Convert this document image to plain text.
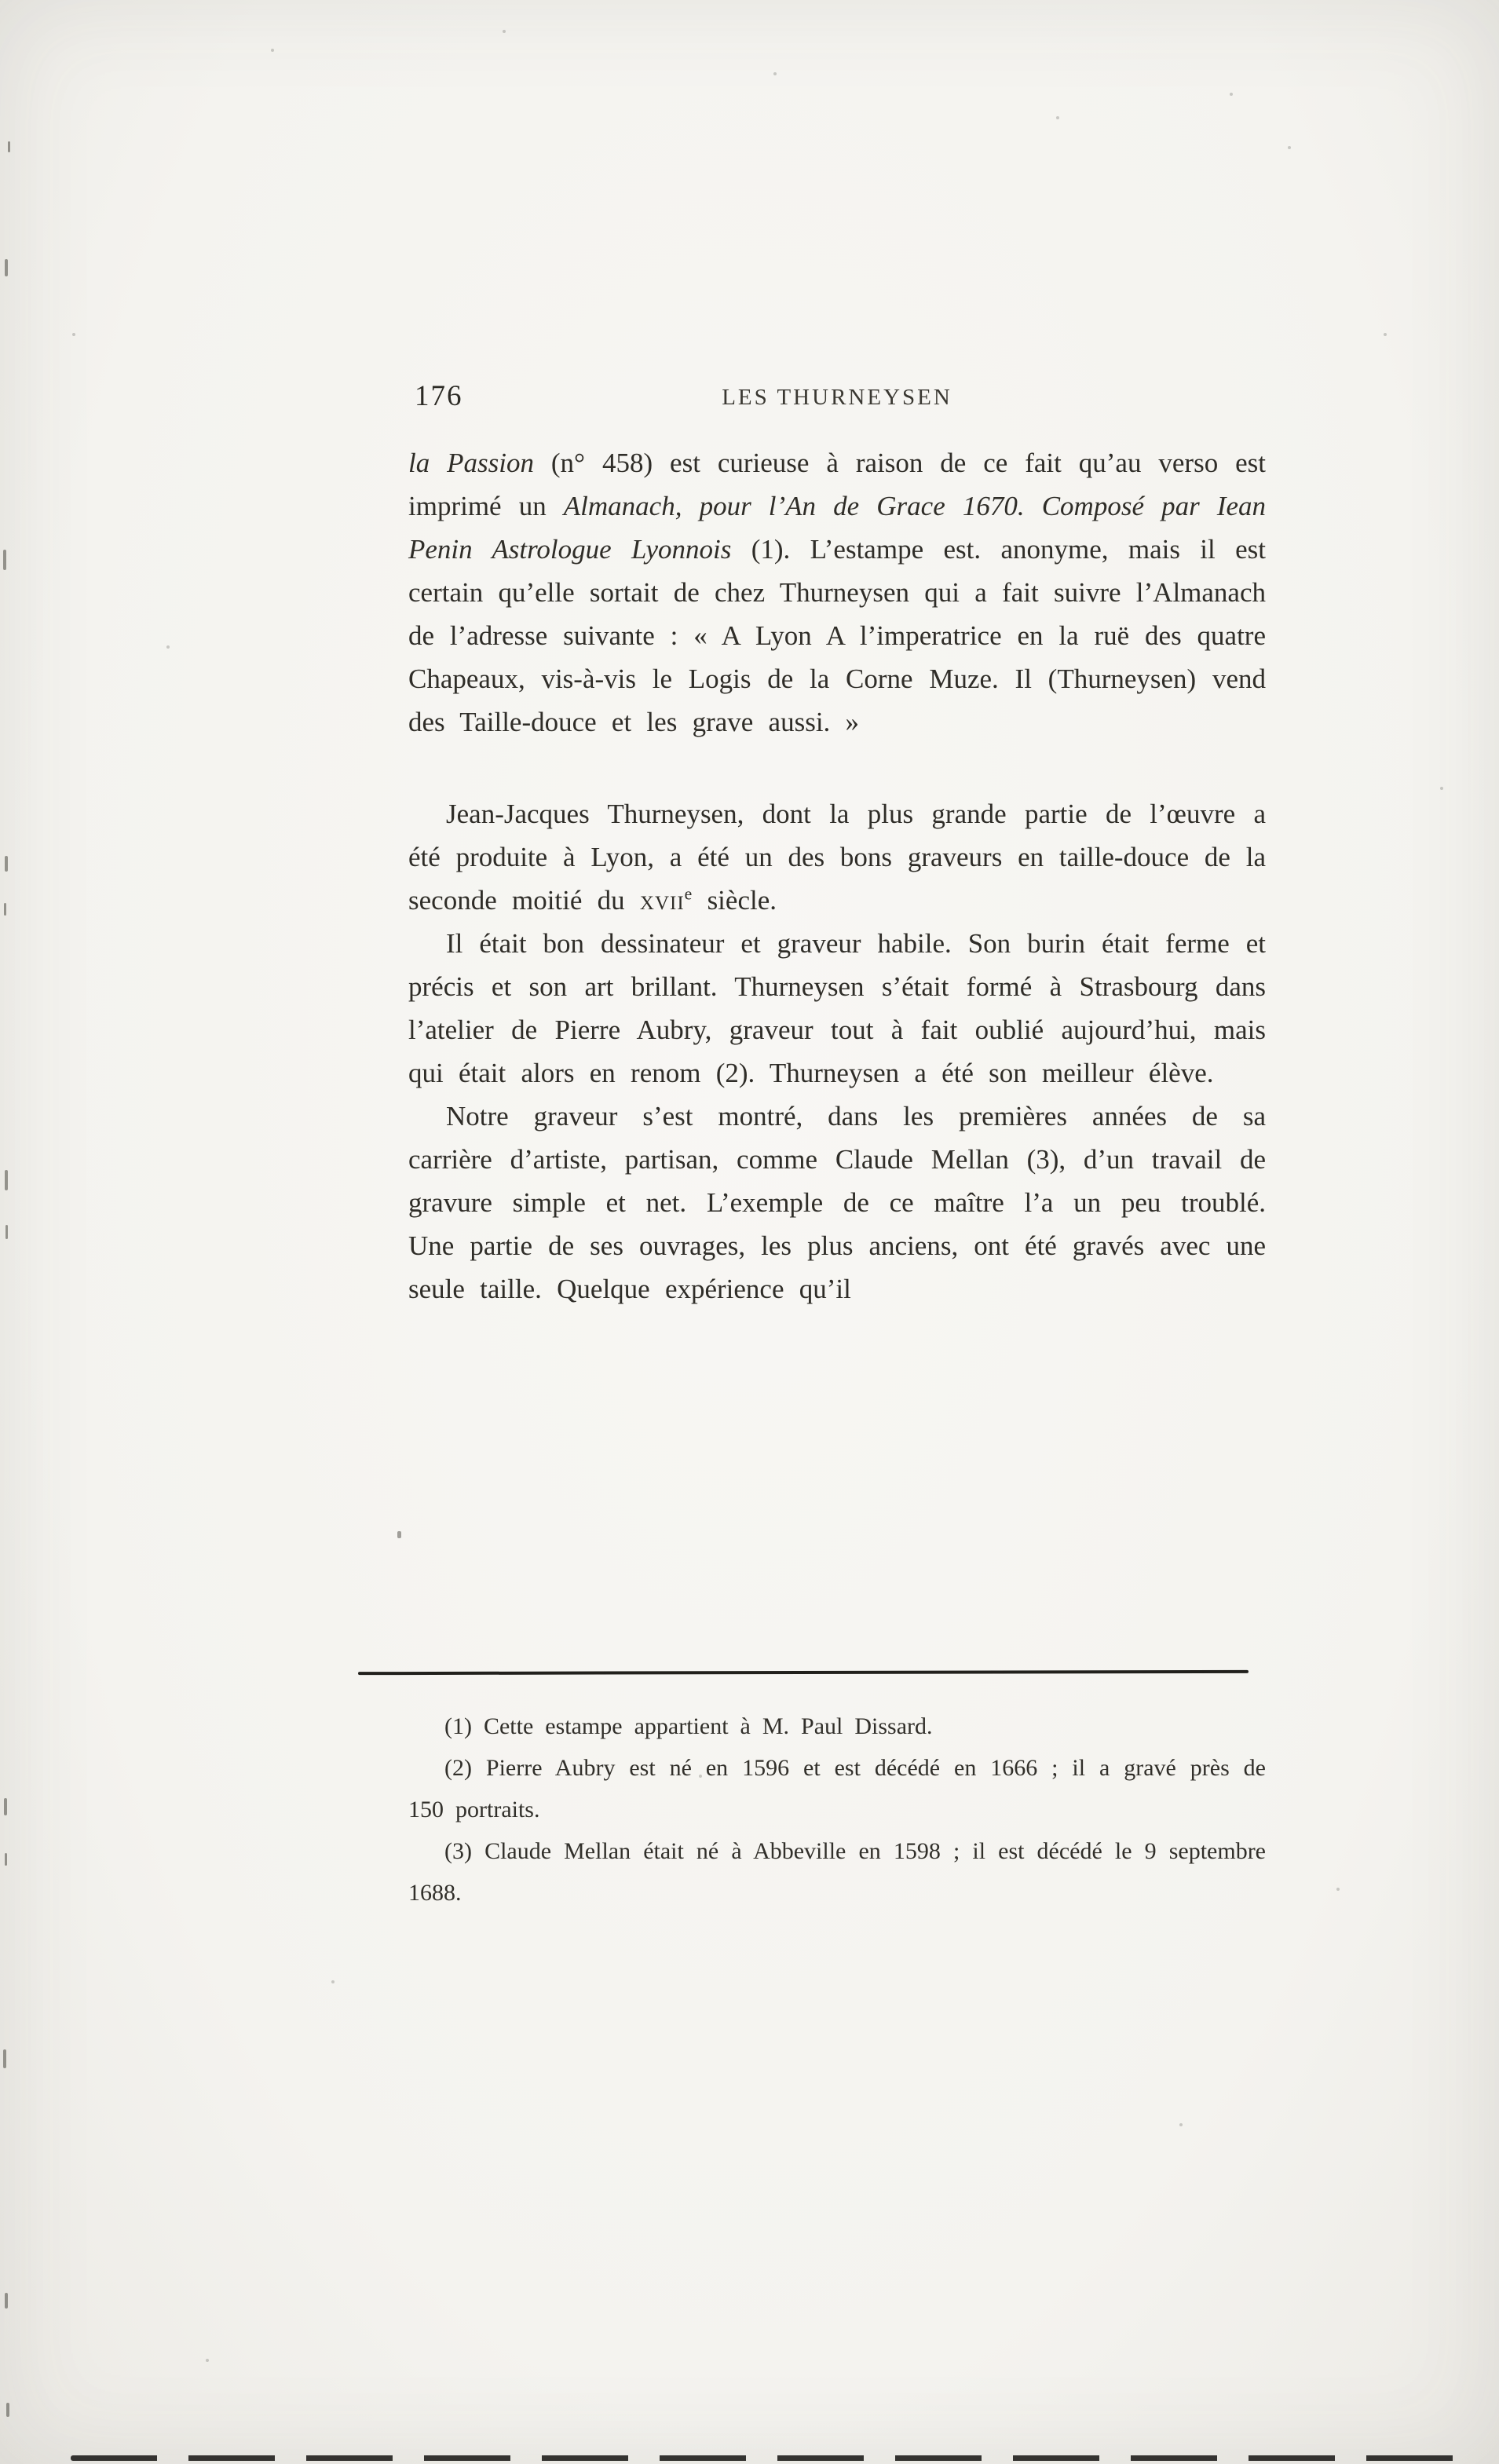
176	LES THURNEYSEN

la Passion (n° 458) est curieuse à raison de ce fait qu’au verso est imprimé un Almanach, pour l’An de Grace 1670. Composé par Iean Penin Astrologue Lyonnois (1). L’estampe est. anonyme, mais il est certain qu’elle sortait de chez Thurneysen qui a fait suivre l’Almanach de l’adresse suivante : « A Lyon A l’imperatrice en la ruë des quatre Chapeaux, vis-à-vis le Logis de la Corne Muze. Il (Thurneysen) vend des Taille-douce et les grave aussi. »

Jean-Jacques Thurneysen, dont la plus grande partie de l’œuvre a été produite à Lyon, a été un des bons graveurs en taille-douce de la seconde moitié du xvii$^e$ siècle.

Il était bon dessinateur et graveur habile. Son burin était ferme et précis et son art brillant. Thurneysen s’était formé à Strasbourg dans l’atelier de Pierre Aubry, graveur tout à fait oublié aujourd’hui, mais qui était alors en renom (2). Thurneysen a été son meilleur élève.

Notre graveur s’est montré, dans les premières années de sa carrière d’artiste, partisan, comme Claude Mellan (3), d’un travail de gravure simple et net. L’exemple de ce maître l’a un peu troublé. Une partie de ses ouvrages, les plus anciens, ont été gravés avec une seule taille. Quelque expérience qu’il

(1) Cette estampe appartient à M. Paul Dissard.

(2) Pierre Aubry est né en 1596 et est décédé en 1666 ; il a gravé près de 150 portraits.

(3) Claude Mellan était né à Abbeville en 1598 ; il est décédé le 9 septembre 1688.
